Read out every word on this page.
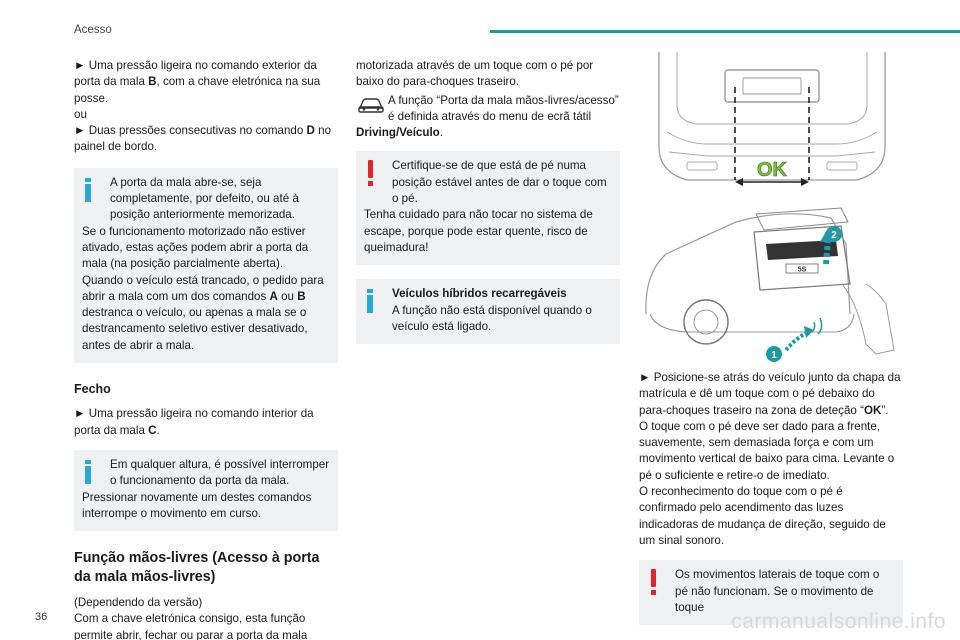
Acesso

► Uma pressão ligeira no comando exterior da porta da mala B, com a chave eletrónica na sua posse.

ou

► Duas pressões consecutivas no comando D no painel de bordo.

A porta da mala abre-se, seja completamente, por defeito, ou até à posição anteriormente memorizada.

Se o funcionamento motorizado não estiver ativado, estas ações podem abrir a porta da mala (na posição parcialmente aberta).

Quando o veículo está trancado, o pedido para abrir a mala com um dos comandos A ou B destranca o veículo, ou apenas a mala se o destrancamento seletivo estiver desativado, antes de abrir a mala.

Fecho

► Uma pressão ligeira no comando interior da porta da mala C.

Em qualquer altura, é possível interromper o funcionamento da porta da mala.

Pressionar novamente um destes comandos interrompe o movimento em curso.

Função mãos-livres (Acesso à porta da mala mãos-livres)

(Dependendo da versão)

Com a chave eletrónica consigo, esta função permite abrir, fechar ou parar a porta da mala

motorizada através de um toque com o pé por baixo do para-choques traseiro.

A função “Porta da mala mãos-livres/acesso” é definida através do menu de ecrã tátil

Driving/Veículo.

Certifique-se de que está de pé numa posição estável antes de dar o toque com o pé.

Tenha cuidado para não tocar no sistema de escape, porque pode estar quente, risco de queimadura!

Veículos híbridos recarregáveis

A função não está disponível quando o veículo está ligado.

OK
5S
2
1

► Posicione-se atrás do veículo junto da chapa da matrícula e dê um toque com o pé debaixo do para-choques traseiro na zona de deteção “OK”.

O toque com o pé deve ser dado para a frente, suavemente, sem demasiada força e com um movimento vertical de baixo para cima. Levante o pé o suficiente e retire-o de imediato.

O reconhecimento do toque com o pé é confirmado pelo acendimento das luzes indicadoras de mudança de direção, seguido de um sinal sonoro.

Os movimentos laterais de toque com o pé não funcionam. Se o movimento de toque

36	carmanualsonline.info
